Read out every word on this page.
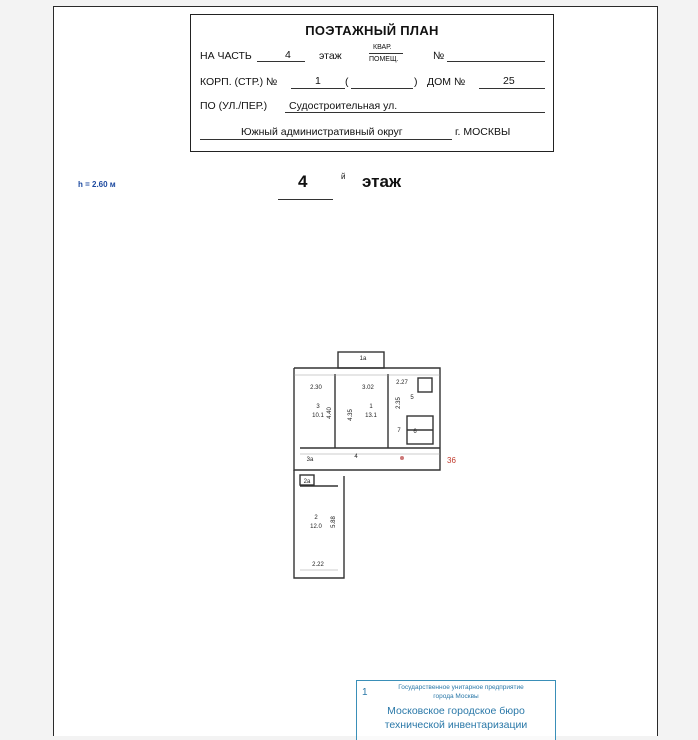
ПОЭТАЖНЫЙ ПЛАН
НА ЧАСТЬ	4	этаж
КВАР.
ПОМЕЩ.	№
КОРП. (СТР.) №	1 (	) ДОМ №	25
ПО (УЛ./ПЕР.) Судостроительная ул.
Южный административный округ	г. МОСКВЫ
h = 2.60 м	4	й этаж
1а
2.30	3.02
2.27
3
10.1 4.40
1
13.1
4.35
2.35 5
6
7
3а	4
2а
2
12.0 5.88
2.22
36
1	Государственное унитарное предприятие
города Москвы
Московское городское бюро
технической инвентаризации
